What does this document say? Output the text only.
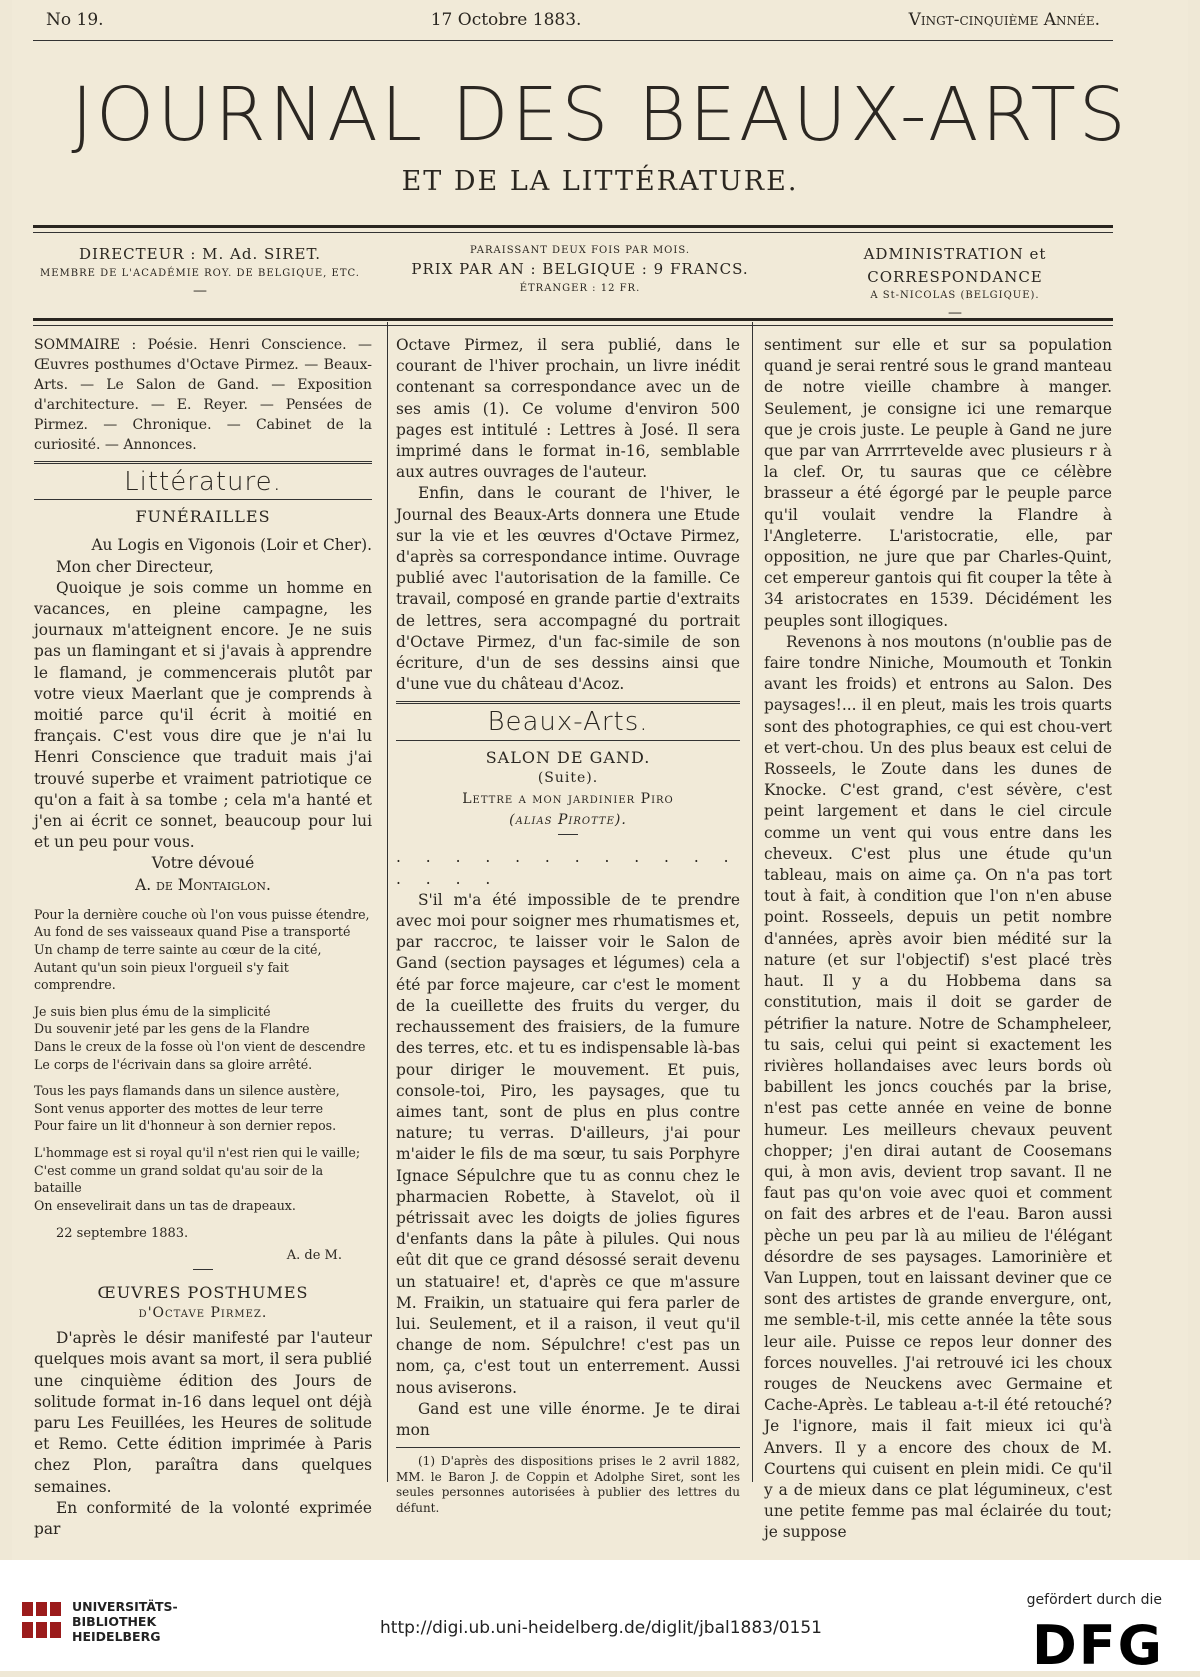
No 19.	17 Octobre 1883.	Vingt-cinquième Année.
JOURNAL DES BEAUX-ARTS
ET DE LA LITTÉRATURE.
DIRECTEUR : M. Ad. SIRET.
MEMBRE DE L'ACADÉMIE ROY. DE BELGIQUE, ETC.
—
PARAISSANT DEUX FOIS PAR MOIS.
PRIX PAR AN : BELGIQUE : 9 FRANCS.
ÉTRANGER : 12 FR.
ADMINISTRATION et CORRESPONDANCE
A St-NICOLAS (BELGIQUE).
—

SOMMAIRE : Poésie. Henri Conscience. — Œuvres posthumes d'Octave Pirmez. — Beaux-Arts. — Le Salon de Gand. — Exposition d'architecture. — E. Reyer. — Pensées de Pirmez. — Chronique. — Cabinet de la curiosité. — Annonces.

Littérature.
FUNÉRAILLES

Au Logis en Vigonois (Loir et Cher).

Mon cher Directeur,

Quoique je sois comme un homme en vacances, en pleine campagne, les journaux m'atteignent encore. Je ne suis pas un flamingant et si j'avais à apprendre le flamand, je commencerais plutôt par votre vieux Maerlant que je comprends à moitié parce qu'il écrit à moitié en français. C'est vous dire que je n'ai lu Henri Conscience que traduit mais j'ai trouvé superbe et vraiment patriotique ce qu'on a fait à sa tombe ; cela m'a hanté et j'en ai écrit ce sonnet, beaucoup pour lui et un peu pour vous.

Votre dévoué

A. de Montaiglon.

Pour la dernière couche où l'on vous puisse étendre,
Au fond de ses vaisseaux quand Pise a transporté
Un champ de terre sainte au cœur de la cité,
Autant qu'un soin pieux l'orgueil s'y fait comprendre.
Je suis bien plus ému de la simplicité
Du souvenir jeté par les gens de la Flandre
Dans le creux de la fosse où l'on vient de descendre
Le corps de l'écrivain dans sa gloire arrêté.
Tous les pays flamands dans un silence austère,
Sont venus apporter des mottes de leur terre
Pour faire un lit d'honneur à son dernier repos.
L'hommage est si royal qu'il n'est rien qui le vaille;
C'est comme un grand soldat qu'au soir de la bataille
On ensevelirait dans un tas de drapeaux.

22 septembre 1883.

A. de M.

ŒUVRES POSTHUMES
d'Octave Pirmez.

D'après le désir manifesté par l'auteur quelques mois avant sa mort, il sera publié une cinquième édition des Jours de solitude format in-16 dans lequel ont déjà paru Les Feuillées, les Heures de solitude et Remo. Cette édition imprimée à Paris chez Plon, paraîtra dans quelques semaines.

En conformité de la volonté exprimée par

Octave Pirmez, il sera publié, dans le courant de l'hiver prochain, un livre inédit contenant sa correspondance avec un de ses amis (1). Ce volume d'environ 500 pages est intitulé : Lettres à José. Il sera imprimé dans le format in-16, semblable aux autres ouvrages de l'auteur.

Enfin, dans le courant de l'hiver, le Journal des Beaux-Arts donnera une Etude sur la vie et les œuvres d'Octave Pirmez, d'après sa correspondance intime. Ouvrage publié avec l'autorisation de la famille. Ce travail, composé en grande partie d'extraits de lettres, sera accompagné du portrait d'Octave Pirmez, d'un fac-simile de son écriture, d'un de ses dessins ainsi que d'une vue du château d'Acoz.

Beaux-Arts.
SALON DE GAND.
(Suite).
Lettre a mon jardinier Piro
(alias Pirotte).
. . . . . . . . . . . . . . . .

S'il m'a été impossible de te prendre avec moi pour soigner mes rhumatismes et, par raccroc, te laisser voir le Salon de Gand (section paysages et légumes) cela a été par force majeure, car c'est le moment de la cueillette des fruits du verger, du rechaussement des fraisiers, de la fumure des terres, etc. et tu es indispensable là-bas pour diriger le mouvement. Et puis, console-toi, Piro, les paysages, que tu aimes tant, sont de plus en plus contre nature; tu verras. D'ailleurs, j'ai pour m'aider le fils de ma sœur, tu sais Porphyre Ignace Sépulchre que tu as connu chez le pharmacien Robette, à Stavelot, où il pétrissait avec les doigts de jolies figures d'enfants dans la pâte à pilules. Qui nous eût dit que ce grand désossé serait devenu un statuaire! et, d'après ce que m'assure M. Fraikin, un statuaire qui fera parler de lui. Seulement, et il a raison, il veut qu'il change de nom. Sépulchre! c'est pas un nom, ça, c'est tout un enterrement. Aussi nous aviserons.

Gand est une ville énorme. Je te dirai mon

(1) D'après des dispositions prises le 2 avril 1882, MM. le Baron J. de Coppin et Adolphe Siret, sont les seules personnes autorisées à publier des lettres du défunt.

sentiment sur elle et sur sa population quand je serai rentré sous le grand manteau de notre vieille chambre à manger. Seulement, je consigne ici une remarque que je crois juste. Le peuple à Gand ne jure que par van Arrrrtevelde avec plusieurs r à la clef. Or, tu sauras que ce célèbre brasseur a été égorgé par le peuple parce qu'il voulait vendre la Flandre à l'Angleterre. L'aristocratie, elle, par opposition, ne jure que par Charles-Quint, cet empereur gantois qui fit couper la tête à 34 aristocrates en 1539. Décidément les peuples sont illogiques.

Revenons à nos moutons (n'oublie pas de faire tondre Niniche, Moumouth et Tonkin avant les froids) et entrons au Salon. Des paysages!... il en pleut, mais les trois quarts sont des photographies, ce qui est chou-vert et vert-chou. Un des plus beaux est celui de Rosseels, le Zoute dans les dunes de Knocke. C'est grand, c'est sévère, c'est peint largement et dans le ciel circule comme un vent qui vous entre dans les cheveux. C'est plus une étude qu'un tableau, mais on aime ça. On n'a pas tort tout à fait, à condition que l'on n'en abuse point. Rosseels, depuis un petit nombre d'années, après avoir bien médité sur la nature (et sur l'objectif) s'est placé très haut. Il y a du Hobbema dans sa constitution, mais il doit se garder de pétrifier la nature. Notre de Schampheleer, tu sais, celui qui peint si exactement les rivières hollandaises avec leurs bords où babillent les joncs couchés par la brise, n'est pas cette année en veine de bonne humeur. Les meilleurs chevaux peuvent chopper; j'en dirai autant de Coosemans qui, à mon avis, devient trop savant. Il ne faut pas qu'on voie avec quoi et comment on fait des arbres et de l'eau. Baron aussi pèche un peu par là au milieu de l'élégant désordre de ses paysages. Lamorinière et Van Luppen, tout en laissant deviner que ce sont des artistes de grande envergure, ont, me semble-t-il, mis cette année la tête sous leur aile. Puisse ce repos leur donner des forces nouvelles. J'ai retrouvé ici les choux rouges de Neuckens avec Germaine et Cache-Après. Le tableau a-t-il été retouché? Je l'ignore, mais il fait mieux ici qu'à Anvers. Il y a encore des choux de M. Courtens qui cuisent en plein midi. Ce qu'il y a de mieux dans ce plat légumineux, c'est une petite femme pas mal éclairée du tout; je suppose

UNIVERSITÄTS-
BIBLIOTHEK
HEIDELBERG	http://digi.ub.uni-heidelberg.de/diglit/jbal1883/0151
gefördert durch die
DFG
